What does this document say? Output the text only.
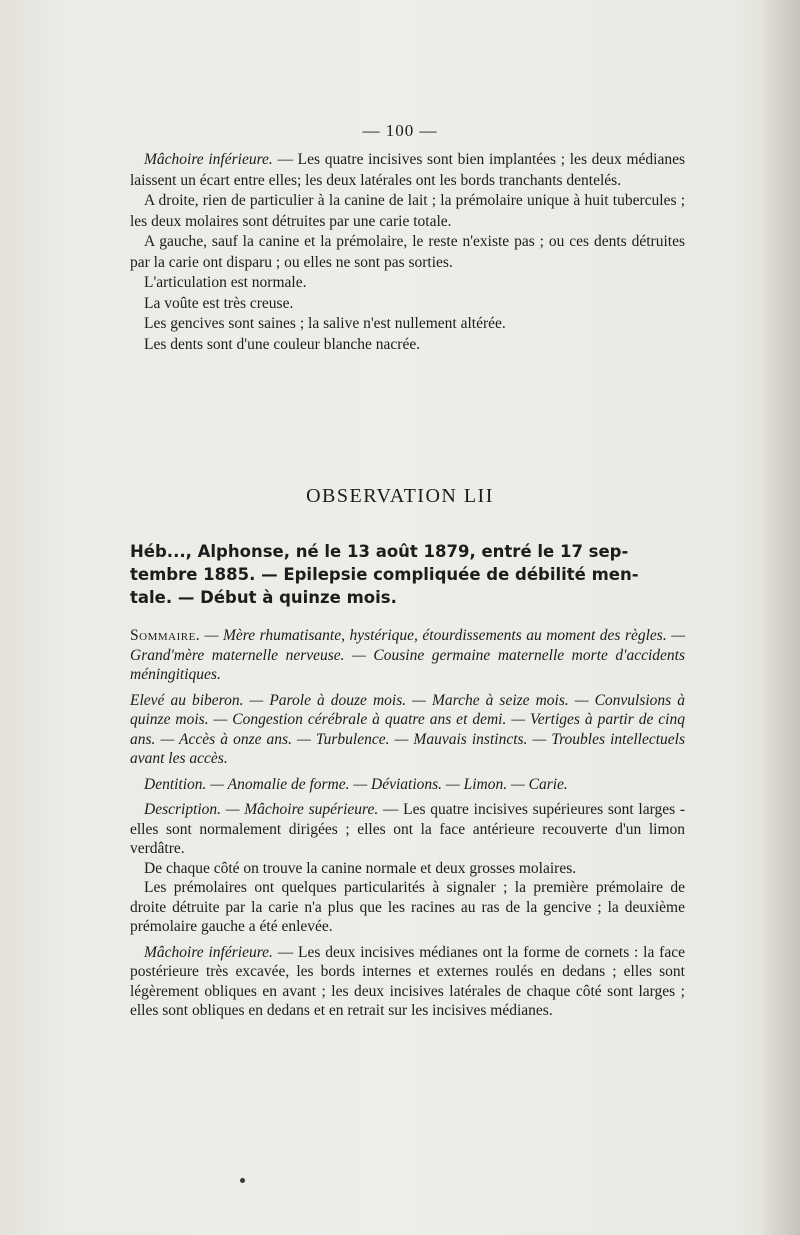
— 100 —

Mâchoire inférieure. — Les quatre incisives sont bien implantées ; les deux médianes laissent un écart entre elles; les deux latérales ont les bords tranchants dentelés.

A droite, rien de particulier à la canine de lait ; la prémolaire unique à huit tubercules ; les deux molaires sont détruites par une carie totale.

A gauche, sauf la canine et la prémolaire, le reste n'existe pas ; ou ces dents détruites par la carie ont disparu ; ou elles ne sont pas sorties.

L'articulation est normale.

La voûte est très creuse.

Les gencives sont saines ; la salive n'est nullement altérée.

Les dents sont d'une couleur blanche nacrée.

OBSERVATION LII
Héb..., Alphonse, né le 13 août 1879, entré le 17 sep-
tembre 1885. — Epilepsie compliquée de débilité men-
tale. — Début à quinze mois.

Sommaire. — Mère rhumatisante, hystérique, étourdissements au moment des règles. — Grand'mère maternelle nerveuse. — Cousine germaine maternelle morte d'accidents méningitiques.

Elevé au biberon. — Parole à douze mois. — Marche à seize mois. — Convulsions à quinze mois. — Congestion cérébrale à quatre ans et demi. — Vertiges à partir de cinq ans. — Accès à onze ans. — Turbulence. — Mauvais instincts. — Troubles intellectuels avant les accès.

Dentition. — Anomalie de forme. — Déviations. — Limon. — Carie.

Description. — Mâchoire supérieure. — Les quatre incisives supérieures sont larges - elles sont normalement dirigées ; elles ont la face antérieure recouverte d'un limon verdâtre.

De chaque côté on trouve la canine normale et deux grosses molaires.

Les prémolaires ont quelques particularités à signaler ; la première prémolaire de droite détruite par la carie n'a plus que les racines au ras de la gencive ; la deuxième prémolaire gauche a été enlevée.

Mâchoire inférieure. — Les deux incisives médianes ont la forme de cornets : la face postérieure très excavée, les bords internes et externes roulés en dedans ; elles sont légèrement obliques en avant ; les deux incisives latérales de chaque côté sont larges ; elles sont obliques en dedans et en retrait sur les incisives médianes.
